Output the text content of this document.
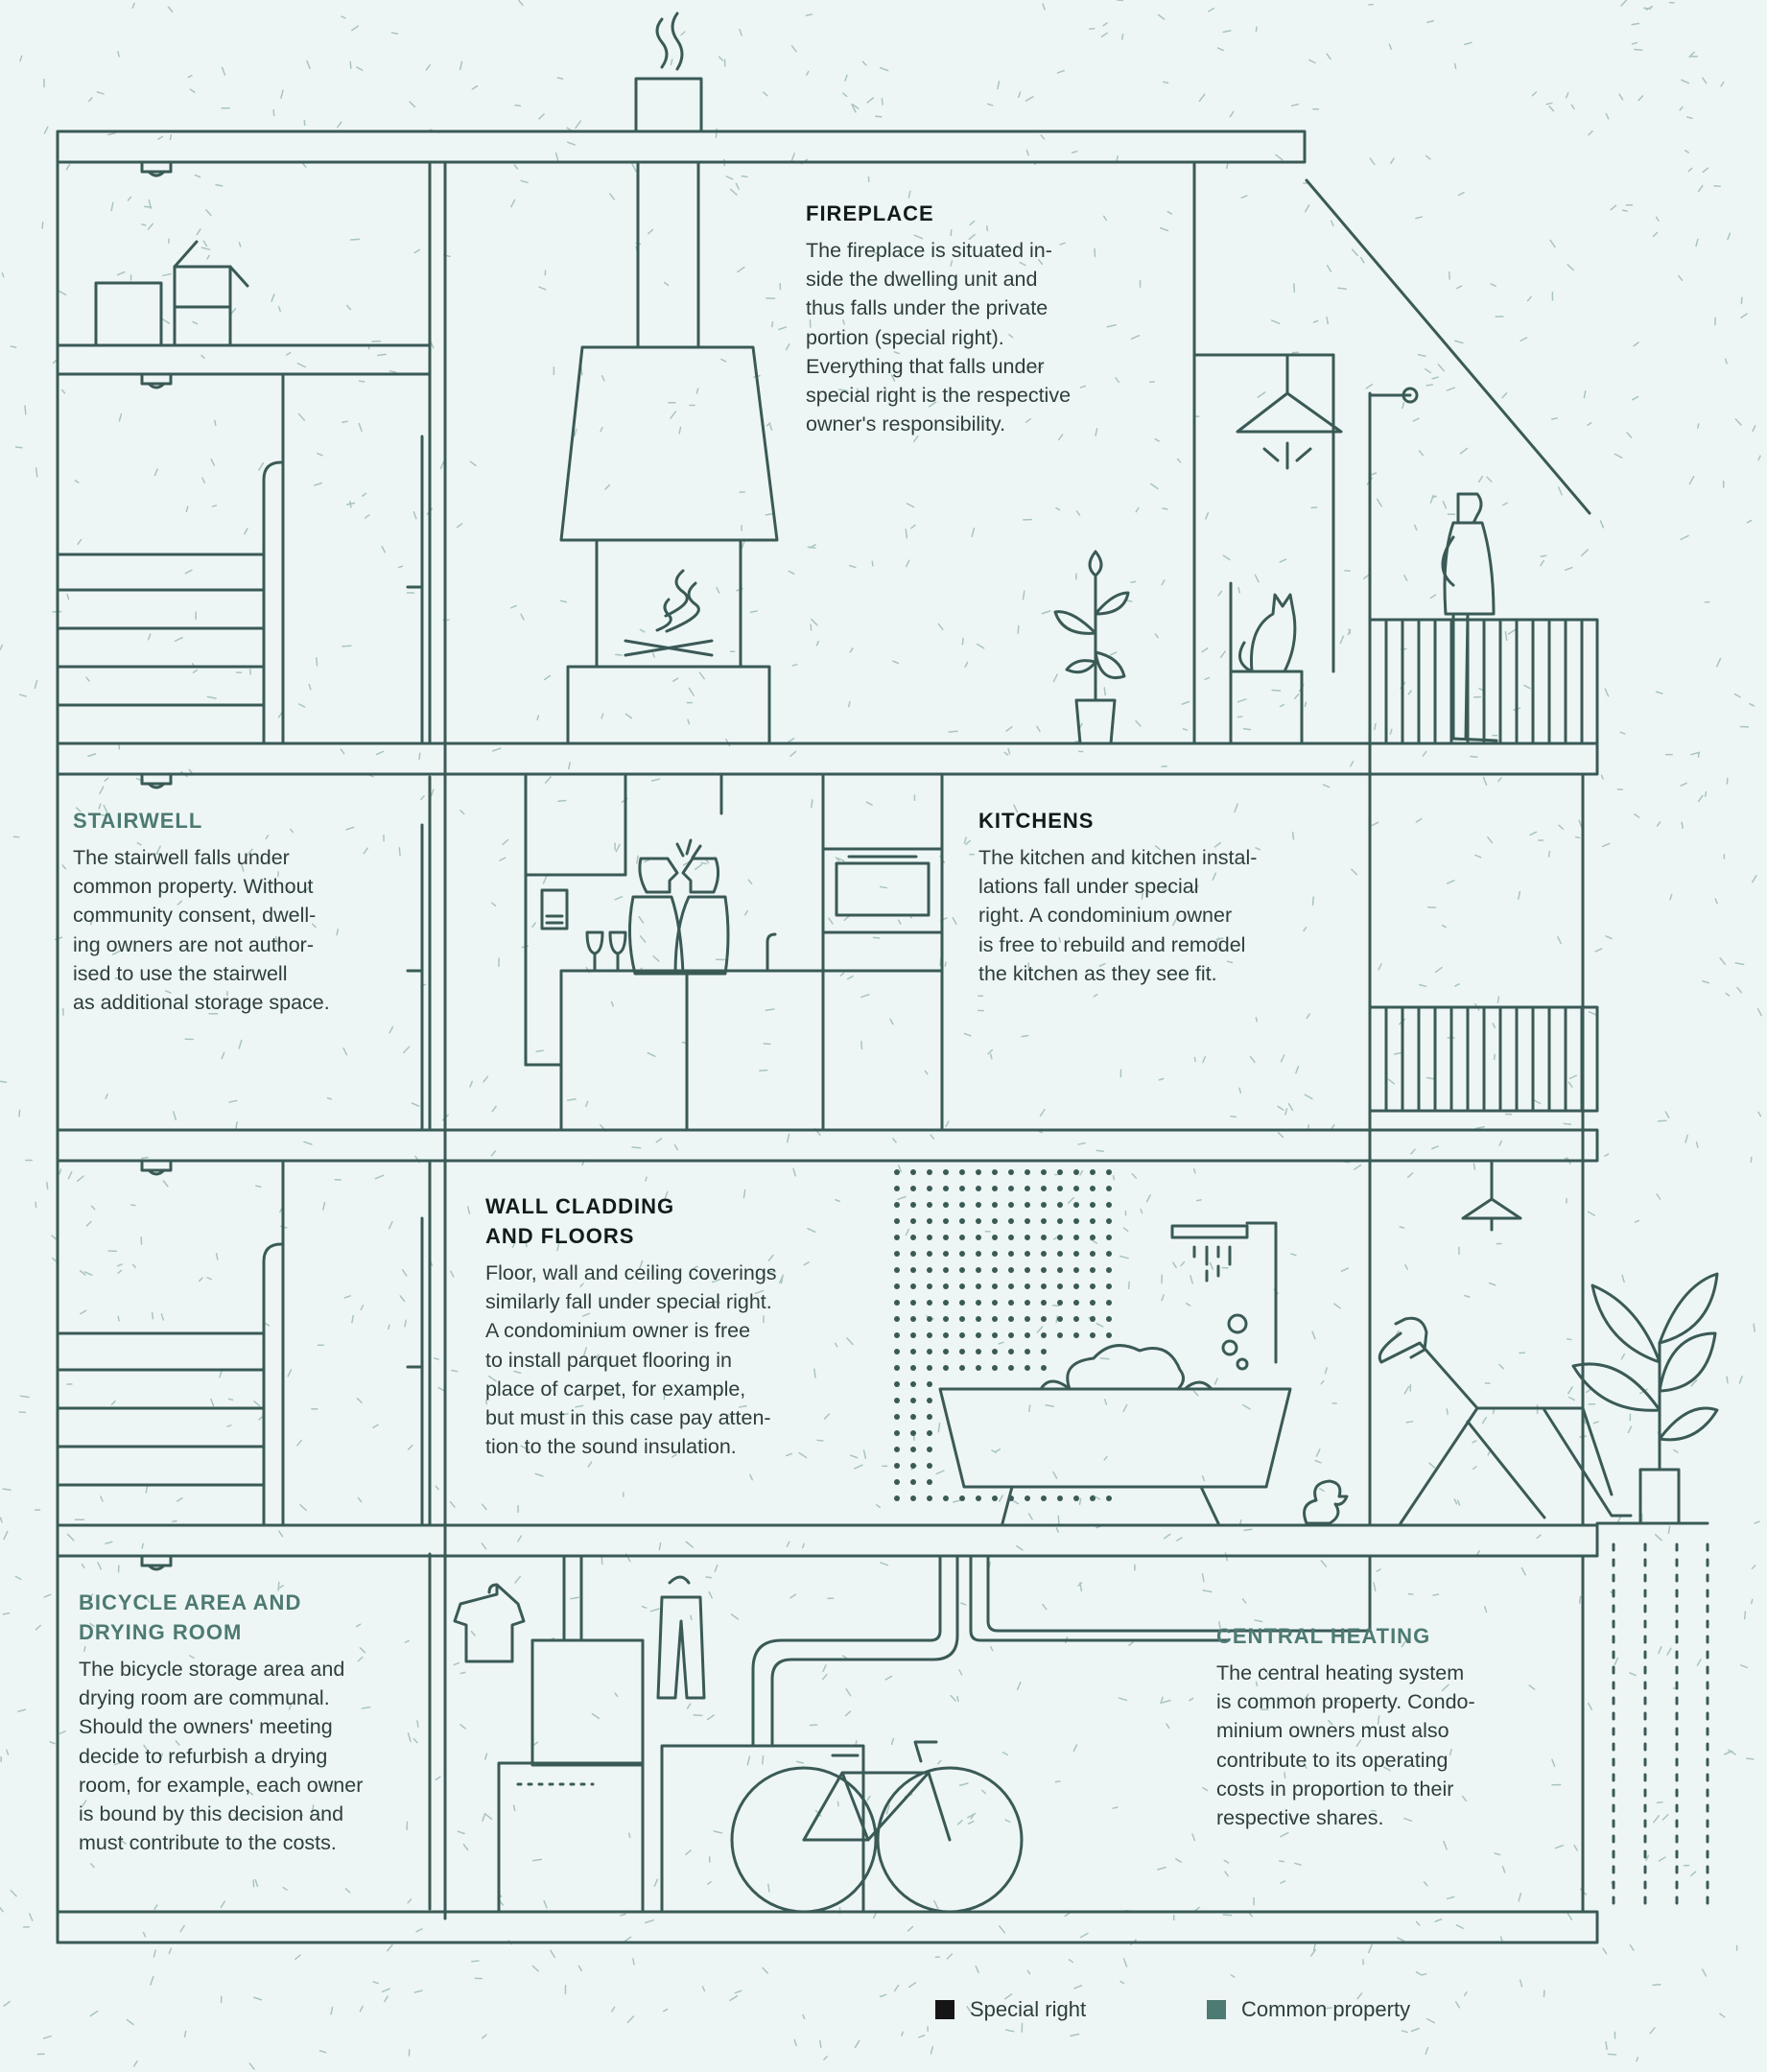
FIREPLACE

The fireplace is situated in-
side the dwelling unit and
thus falls under the private
portion (special right).
Everything that falls under
special right is the respective
owner's responsibility.

STAIRWELL

The stairwell falls under
common property. Without
community consent, dwell-
ing owners are not author-
ised to use the stairwell
as additional storage space.

KITCHENS

The kitchen and kitchen instal-
lations fall under special
right. A condominium owner
is free to rebuild and remodel
the kitchen as they see fit.

WALL CLADDING
AND FLOORS

Floor, wall and ceiling coverings
similarly fall under special right.
A condominium owner is free
to install parquet flooring in
place of carpet, for example,
but must in this case pay atten-
tion to the sound insulation.

BICYCLE AREA AND
DRYING ROOM

The bicycle storage area and
drying room are communal.
Should the owners' meeting
decide to refurbish a drying
room, for example, each owner
is bound by this decision and
must contribute to the costs.

CENTRAL HEATING

The central heating system
is common property. Condo-
minium owners must also
contribute to its operating
costs in proportion to their
respective shares.

Special right	Common property
